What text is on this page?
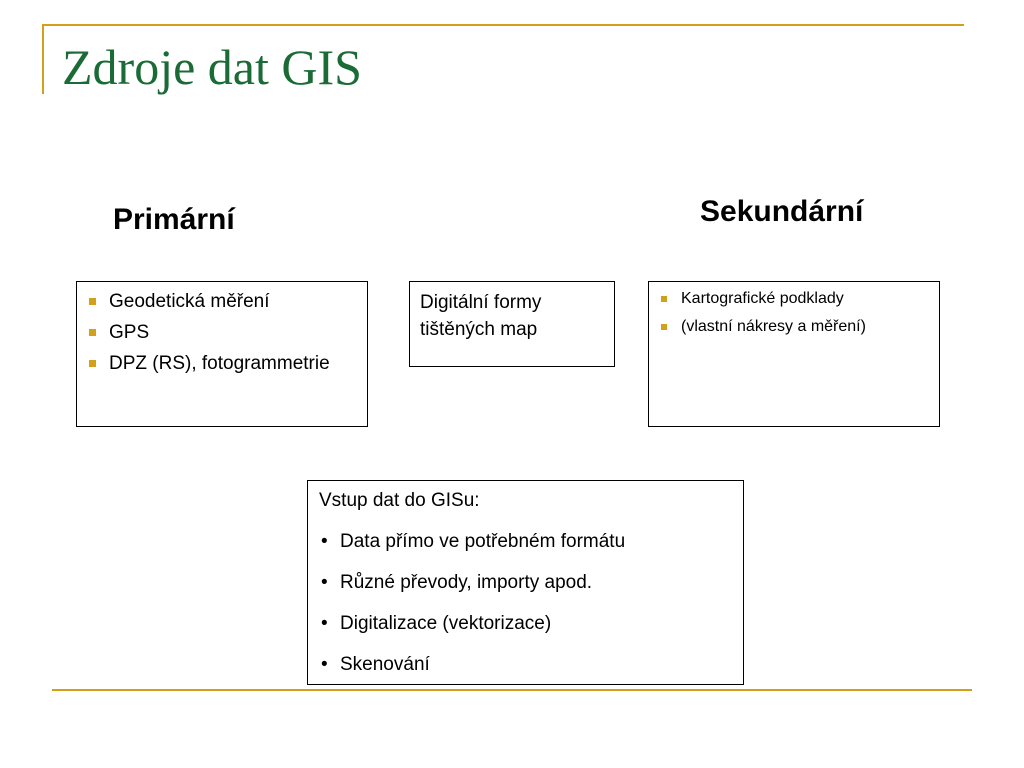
Zdroje dat GIS
Primární	Sekundární
Geodetická měření
GPS
DPZ (RS), fotogrammetrie
Digitální formy tištěných map
Kartografické podklady
(vlastní nákresy a měření)
Vstup dat do GISu:
• Data přímo ve potřebném formátu
• Různé převody, importy apod.
• Digitalizace (vektorizace)
• Skenování
